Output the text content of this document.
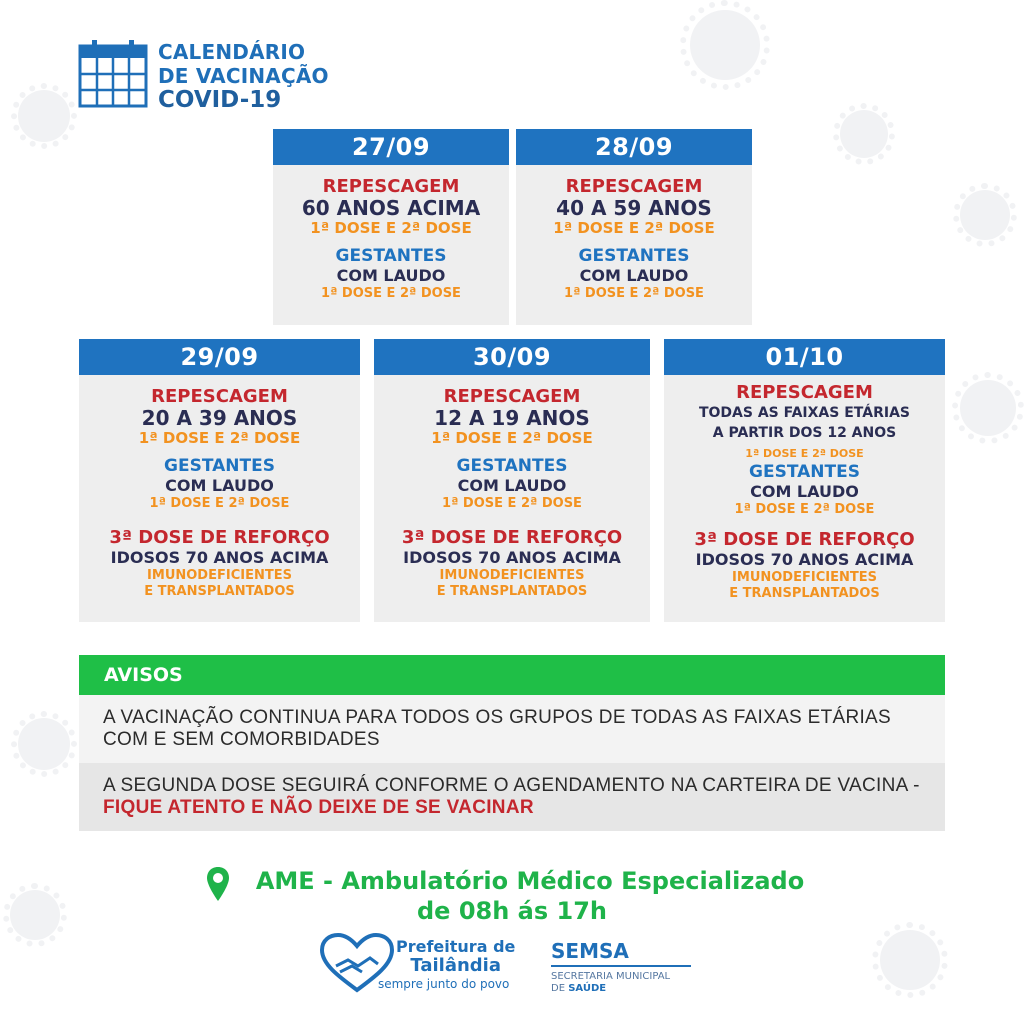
CALENDÁRIO
DE VACINAÇÃO
COVID-19
27/09
REPESCAGEM
60 ANOS ACIMA
1ª DOSE E 2ª DOSE
GESTANTES
COM LAUDO
1ª DOSE E 2ª DOSE
28/09
REPESCAGEM
40 A 59 ANOS
1ª DOSE E 2ª DOSE
GESTANTES
COM LAUDO
1ª DOSE E 2ª DOSE
29/09
REPESCAGEM
20 A 39 ANOS
1ª DOSE E 2ª DOSE
GESTANTES
COM LAUDO
1ª DOSE E 2ª DOSE
3ª DOSE DE REFORÇO
IDOSOS 70 ANOS ACIMA
IMUNODEFICIENTES
E TRANSPLANTADOS
30/09
REPESCAGEM
12 A 19 ANOS
1ª DOSE E 2ª DOSE
GESTANTES
COM LAUDO
1ª DOSE E 2ª DOSE
3ª DOSE DE REFORÇO
IDOSOS 70 ANOS ACIMA
IMUNODEFICIENTES
E TRANSPLANTADOS
01/10
REPESCAGEM
TODAS AS FAIXAS ETÁRIAS
A PARTIR DOS 12 ANOS
1ª DOSE E 2ª DOSE
GESTANTES
COM LAUDO
1ª DOSE E 2ª DOSE
3ª DOSE DE REFORÇO
IDOSOS 70 ANOS ACIMA
IMUNODEFICIENTES
E TRANSPLANTADOS
AVISOS
A VACINAÇÃO CONTINUA PARA TODOS OS GRUPOS DE TODAS AS FAIXAS ETÁRIAS COM E SEM COMORBIDADES
A SEGUNDA DOSE SEGUIRÁ CONFORME O AGENDAMENTO NA CARTEIRA DE VACINA - FIQUE ATENTO E NÃO DEIXE DE SE VACINAR
AME - Ambulatório Médico Especializado
de 08h ás 17h
Prefeitura de
Tailândia
sempre junto do povo
SEMSA
SECRETARIA MUNICIPAL
DE SAÚDE
